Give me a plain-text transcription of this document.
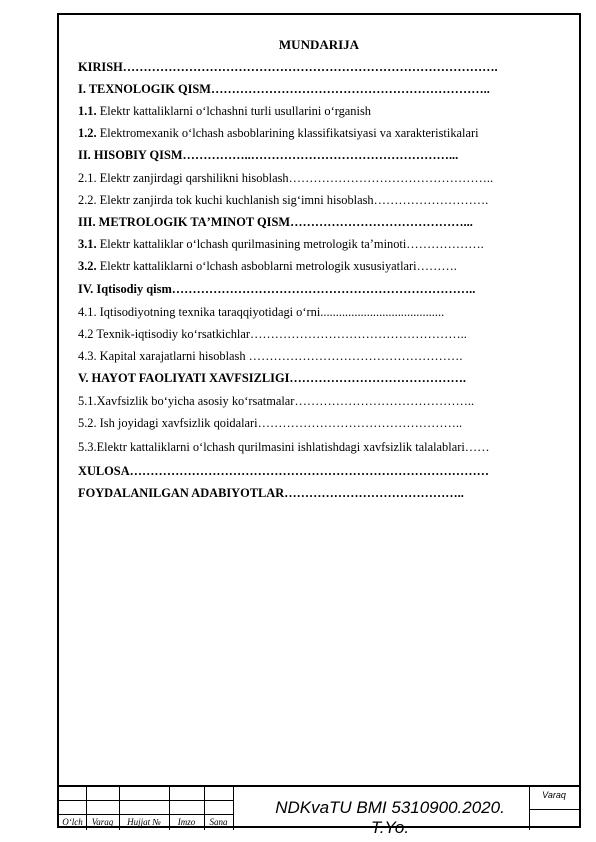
MUNDARIJA
KIRISH……………………………………………………………………………….
I. TEXNOLOGIK QISM…………………………………………………………..
1.1. Elektr kattaliklarni oʻlchashni turli usullarini oʻrganish
1.2. Elektromexanik oʻlchash asboblarining klassifikatsiyasi va xarakteristikalari
II. HISOBIY QISM……………..…………………………………………...
2.1. Elektr zanjirdagi qarshilikni hisoblash…………………………………………..
2.2. Elektr zanjirda tok kuchi kuchlanish sigʻimni hisoblash……………………….
III. METROLOGIK TAʼMINOT QISM……………………………………...
3.1. Elektr kattaliklar oʻlchash qurilmasining metrologik taʼminoti……………….
3.2. Elektr kattaliklarni oʻlchash asboblarni metrologik xususiyatlari……….
IV. Iqtisodiy qism………………………………………………………………..
4.1. Iqtisodiyotning texnika taraqqiyotidagi oʻrni........................................
4.2 Texnik-iqtisodiy koʻrsatkichlar……………………………………………..
4.3. Kapital xarajatlarni hisoblash …………………………………………….
V. HAYOT FAOLIYATI XAVFSIZLIGI…………………………………….
5.1.Xavfsizlik boʻyicha asosiy koʻrsatmalar……………………………………..
5.2. Ish joyidagi xavfsizlik qoidalari…………………………………………..
5.3.Elektr kattaliklarni oʻlchash qurilmasini ishlatishdagi xavfsizlik talalablari……
XULOSA……………………………………………………………………………
FOYDALANILGAN ADABIYOTLAR……………………………………..
Oʻlch Varaq	Hujjat №	Imzo	Sana
NDKvaTU BMI 5310900.2020. T.Yo.
Varaq
